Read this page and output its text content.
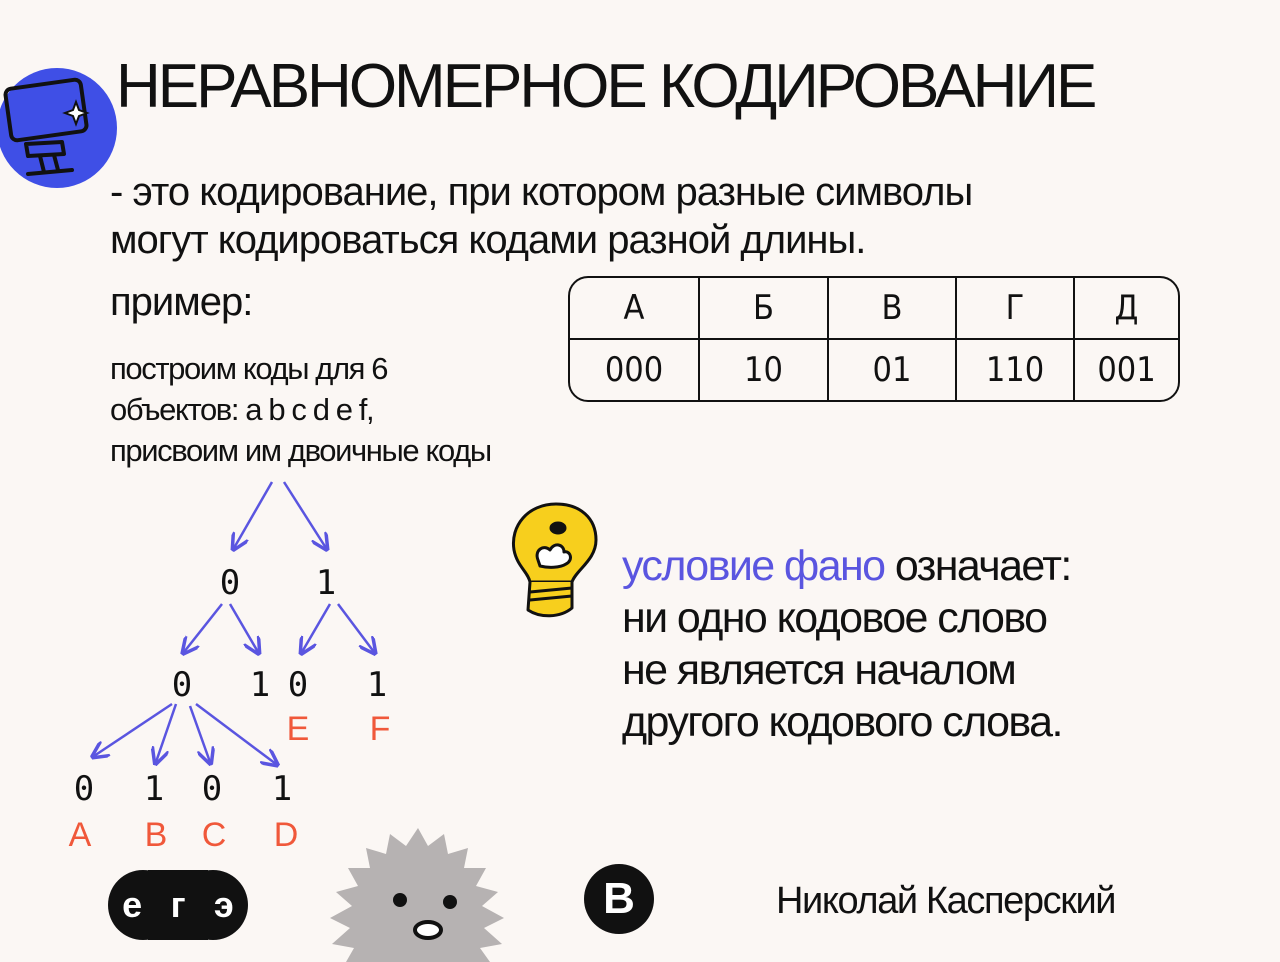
НЕРАВНОМЕРНОЕ КОДИРОВАНИЕ
- это кодирование, при котором разные символы
могут кодироваться кодами разной длины.
пример:
построим коды для 6
объектов: a b c d e f,
присвоим им двоичные коды
А	Б	В	Г	Д
000	10	01	110	001
0 1
0 1 0 1
0 1 0 1
E F
A B C D
условие фано означает:
ни одно кодовое слово
не является началом
другого кодового слова.
е г э	В	Николай Касперский
